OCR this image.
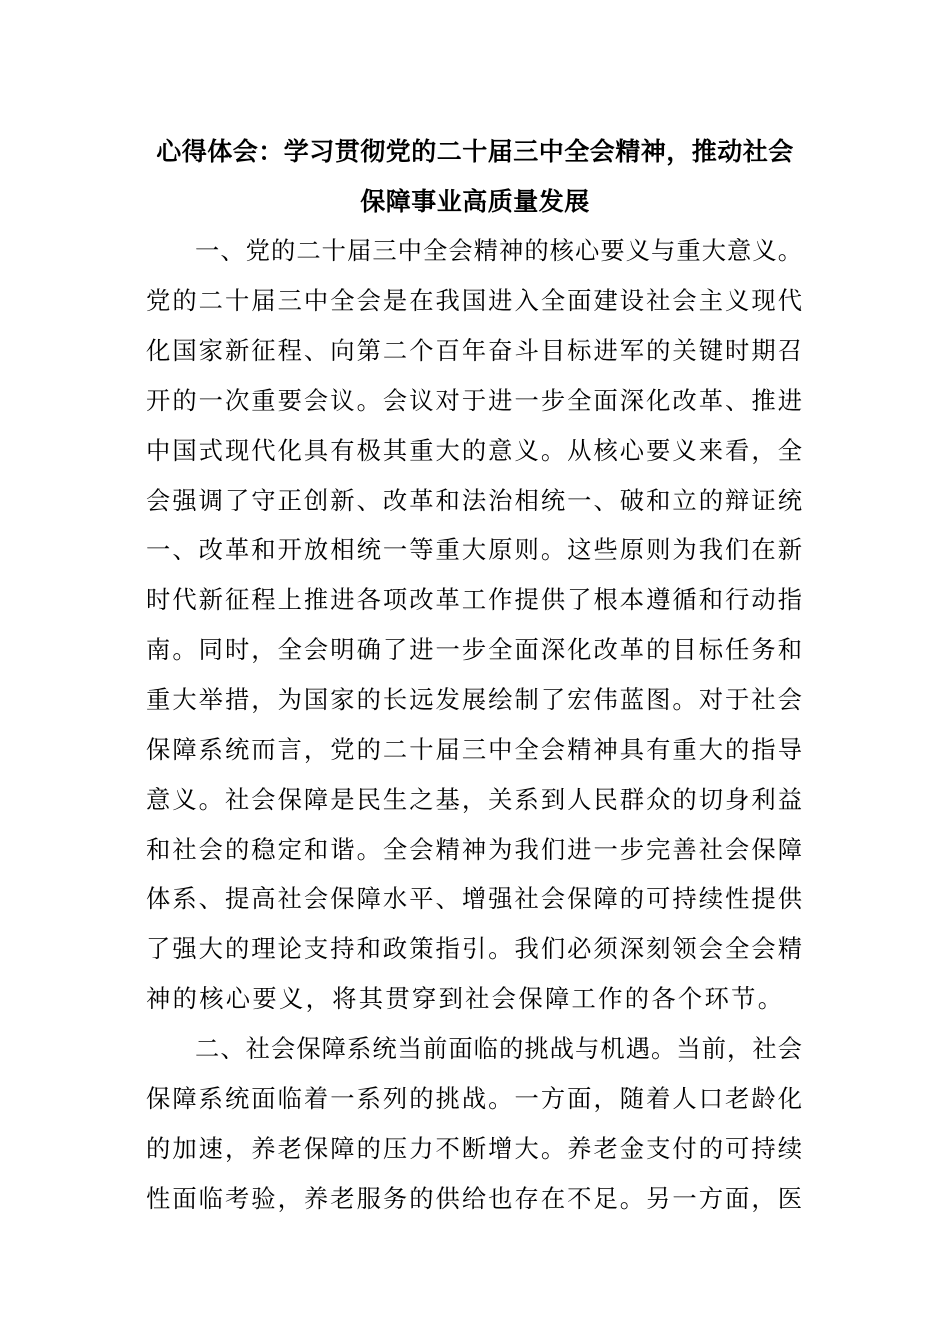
心得体会：学习贯彻党的二十届三中全会精神，推动社会
保障事业高质量发展
一、党的二十届三中全会精神的核心要义与重大意义。
党的二十届三中全会是在我国进入全面建设社会主义现代
化国家新征程、向第二个百年奋斗目标进军的关键时期召
开的一次重要会议。会议对于进一步全面深化改革、推进
中国式现代化具有极其重大的意义。从核心要义来看，全
会强调了守正创新、改革和法治相统一、破和立的辩证统
一、改革和开放相统一等重大原则。这些原则为我们在新
时代新征程上推进各项改革工作提供了根本遵循和行动指
南。同时，全会明确了进一步全面深化改革的目标任务和
重大举措，为国家的长远发展绘制了宏伟蓝图。对于社会
保障系统而言，党的二十届三中全会精神具有重大的指导
意义。社会保障是民生之基，关系到人民群众的切身利益
和社会的稳定和谐。全会精神为我们进一步完善社会保障
体系、提高社会保障水平、增强社会保障的可持续性提供
了强大的理论支持和政策指引。我们必须深刻领会全会精
神的核心要义，将其贯穿到社会保障工作的各个环节。
二、社会保障系统当前面临的挑战与机遇。当前，社会
保障系统面临着一系列的挑战。一方面，随着人口老龄化
的加速，养老保障的压力不断增大。养老金支付的可持续
性面临考验，养老服务的供给也存在不足。另一方面，医
